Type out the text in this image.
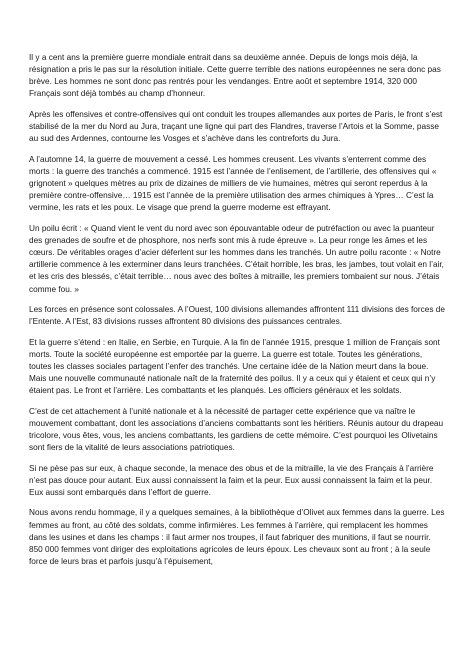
Il y a cent ans la première guerre mondiale entrait dans sa deuxième année. Depuis de longs mois déjà, la résignation a pris le pas sur la résolution initiale. Cette guerre terrible des nations européennes ne sera donc pas brève. Les hommes ne sont donc pas rentrés pour les vendanges. Entre août et septembre 1914, 320 000 Français sont déjà tombés au champ d’honneur.

Après les offensives et contre-offensives qui ont conduit les troupes allemandes aux portes de Paris, le front s’est stabilisé de la mer du Nord au Jura, traçant une ligne qui part des Flandres, traverse l’Artois et la Somme, passe au sud des Ardennes, contourne les Vosges et s’achève dans les contreforts du Jura.

A l’automne 14, la guerre de mouvement a cessé. Les hommes creusent. Les vivants s’enterrent comme des morts : la guerre des tranchés a commencé. 1915 est l’année de l’enlisement, de l’artillerie, des offensives qui « grignotent » quelques mètres au prix de dizaines de milliers de vie humaines, mètres qui seront reperdus à la première contre-offensive… 1915 est l’année de la première utilisation des armes chimiques à Ypres… C’est la vermine, les rats et les poux. Le visage que prend la guerre moderne est effrayant.

Un poilu écrit : « Quand vient le vent du nord avec son épouvantable odeur de putréfaction ou avec la puanteur des grenades de soufre et de phosphore, nos nerfs sont mis à rude épreuve ». La peur ronge les âmes et les cœurs. De véritables orages d’acier déferlent sur les hommes dans les tranchés. Un autre poilu raconte : « Notre artillerie commence à les exterminer dans leurs tranchées. C’était horrible, les bras, les jambes, tout volait en l’air, et les cris des blessés, c’était terrible… nous avec des boîtes à mitraille, les premiers tombaient sur nous. J’étais comme fou. »

Les forces en présence sont colossales. A l’Ouest, 100 divisions allemandes affrontent 111 divisions des forces de l’Entente. A l’Est, 83 divisions russes affrontent 80 divisions des puissances centrales.

Et la guerre s’étend : en Italie, en Serbie, en Turquie. A la fin de l’année 1915, presque 1 million de Français sont morts. Toute la société européenne est emportée par la guerre. La guerre est totale. Toutes les générations, toutes les classes sociales partagent l’enfer des tranchés. Une certaine idée de la Nation meurt dans la boue. Mais une nouvelle communauté nationale naît de la fraternité des poilus. Il y a ceux qui y étaient et ceux qui n’y étaient pas. Le front et l’arrière. Les combattants et les planqués. Les officiers généraux et les soldats.

C’est de cet attachement à l’unité nationale et à la nécessité de partager cette expérience que va naître le mouvement combattant, dont les associations d’anciens combattants sont les héritiers. Réunis autour du drapeau tricolore, vous êtes, vous, les anciens combattants, les gardiens de cette mémoire. C’est pourquoi les Olivetains sont fiers de la vitalité de leurs associations patriotiques.

Si ne pèse pas sur eux, à chaque seconde, la menace des obus et de la mitraille, la vie des Français à l’arrière n’est pas douce pour autant. Eux aussi connaissent la faim et la peur. Eux aussi connaissent la faim et la peur. Eux aussi sont embarqués dans l’effort de guerre.

Nous avons rendu hommage, il y a quelques semaines, à la bibliothèque d’Olivet aux femmes dans la guerre. Les femmes au front, au côté des soldats, comme infirmières. Les femmes à l’arrière, qui remplacent les hommes dans les usines et dans les champs : il faut armer nos troupes, il faut fabriquer des munitions, il faut se nourrir. 850 000 femmes vont diriger des exploitations agricoles de leurs époux. Les chevaux sont au front ; à la seule force de leurs bras et parfois jusqu’à l’épuisement,
